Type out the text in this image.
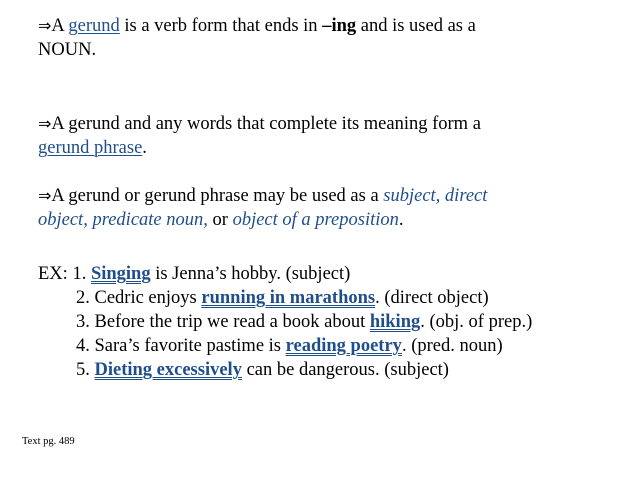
⇒A gerund is a verb form that ends in –ing and is used as a
NOUN.
⇒A gerund and any words that complete its meaning form a
gerund phrase.
⇒A gerund or gerund phrase may be used as a subject, direct
object, predicate noun, or object of a preposition.
EX: 1. Singing is Jenna’s hobby. (subject)
2. Cedric enjoys running in marathons. (direct object)
3. Before the trip we read a book about hiking. (obj. of prep.)
4. Sara’s favorite pastime is reading poetry. (pred. noun)
5. Dieting excessively can be dangerous. (subject)
Text pg. 489
